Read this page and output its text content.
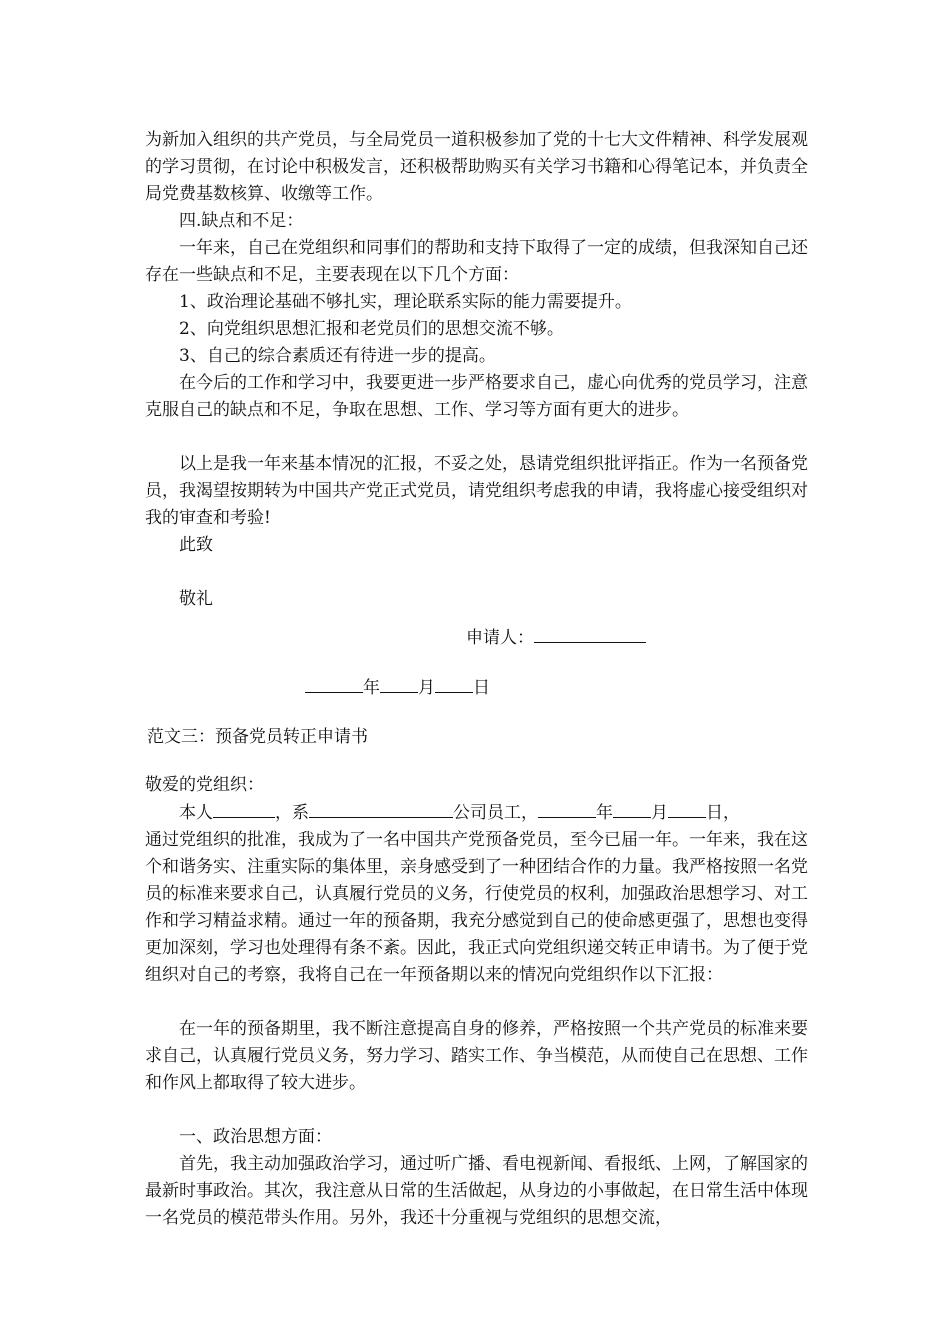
为新加入组织的共产党员，与全局党员一道积极参加了党的十七大文件精神、科学发展观的学习贯彻，在讨论中积极发言，还积极帮助购买有关学习书籍和心得笔记本，并负责全局党费基数核算、收缴等工作。

四.缺点和不足：

一年来，自己在党组织和同事们的帮助和支持下取得了一定的成绩，但我深知自己还存在一些缺点和不足，主要表现在以下几个方面：

1、政治理论基础不够扎实，理论联系实际的能力需要提升。

2、向党组织思想汇报和老党员们的思想交流不够。

3、自己的综合素质还有待进一步的提高。

在今后的工作和学习中，我要更进一步严格要求自己，虚心向优秀的党员学习，注意克服自己的缺点和不足，争取在思想、工作、学习等方面有更大的进步。

以上是我一年来基本情况的汇报，不妥之处，恳请党组织批评指正。作为一名预备党员，我渴望按期转为中国共产党正式党员，请党组织考虑我的申请，我将虚心接受组织对我的审查和考验!

此致

敬礼

申请人：
年 月 日
范文三：预备党员转正申请书

敬爱的党组织：

本人	，系	公司员工，	年 月 日，

通过党组织的批准，我成为了一名中国共产党预备党员，至今已届一年。一年来，我在这个和谐务实、注重实际的集体里，亲身感受到了一种团结合作的力量。我严格按照一名党员的标准来要求自己，认真履行党员的义务，行使党员的权利，加强政治思想学习、对工作和学习精益求精。通过一年的预备期，我充分感觉到自己的使命感更强了，思想也变得更加深刻，学习也处理得有条不紊。因此，我正式向党组织递交转正申请书。为了便于党组织对自己的考察，我将自己在一年预备期以来的情况向党组织作以下汇报：

在一年的预备期里，我不断注意提高自身的修养，严格按照一个共产党员的标准来要求自己，认真履行党员义务，努力学习、踏实工作、争当模范，从而使自己在思想、工作和作风上都取得了较大进步。

一、政治思想方面：

首先，我主动加强政治学习，通过听广播、看电视新闻、看报纸、上网，了解国家的最新时事政治。其次，我注意从日常的生活做起，从身边的小事做起，在日常生活中体现一名党员的模范带头作用。另外，我还十分重视与党组织的思想交流，
